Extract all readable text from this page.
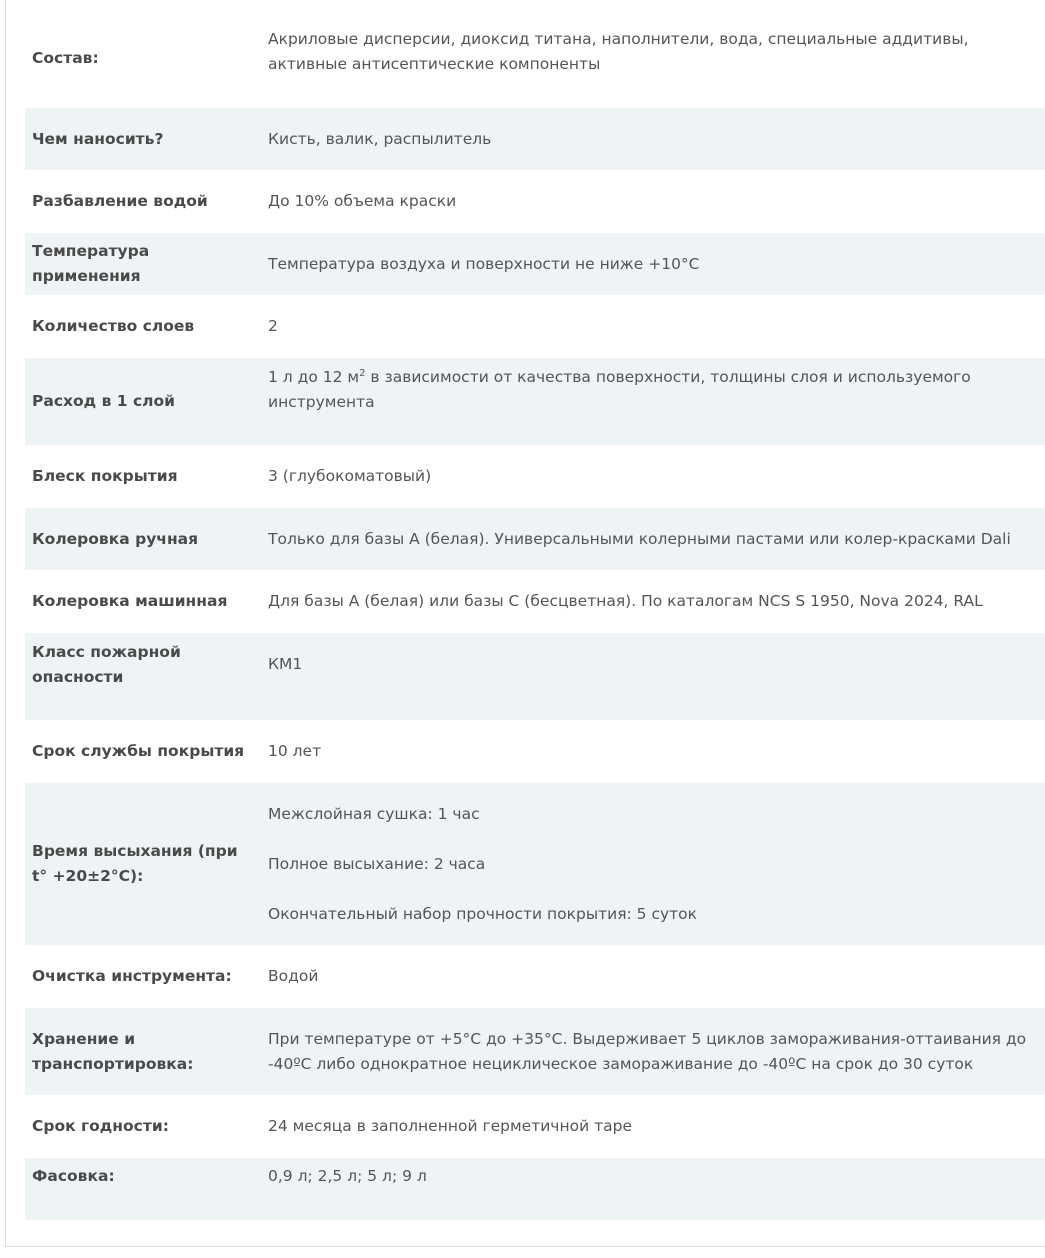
Состав:	Акриловые дисперсии, диоксид титана, наполнители, вода, специальные аддитивы, активные антисептические компоненты
Чем наносить?	Кисть, валик, распылитель
Разбавление водой	До 10% объема краски
Температура применения	Температура воздуха и поверхности не ниже +10°C
Количество слоев	2
Расход в 1 слой	1 л до 12 $м^2$ в зависимости от качества поверхности, толщины слоя и используемого инструмента
Блеск покрытия	3 (глубокоматовый)
Колеровка ручная	Только для базы А (белая). Универсальными колерными пастами или колер-красками Dali
Колеровка машинная	Для базы А (белая) или базы С (бесцветная). По каталогам NCS S 1950, Nova 2024, RAL
Класс пожарной опасности	КМ1
Срок службы покрытия	10 лет
Время высыхания (при t° +20±2°C):	Межслойная сушка: 1 час

Полное высыхание: 2 часа

Окончательный набор прочности покрытия: 5 суток

Очистка инструмента:	Водой
Хранение и транспортировка:	При температуре от +5°С до +35°С. Выдерживает 5 циклов замораживания-оттаивания до -40ºС либо однократное нециклическое замораживание до -40ºС на срок до 30 суток
Срок годности:	24 месяца в заполненной герметичной таре
Фасовка:	0,9 л; 2,5 л; 5 л; 9 л
